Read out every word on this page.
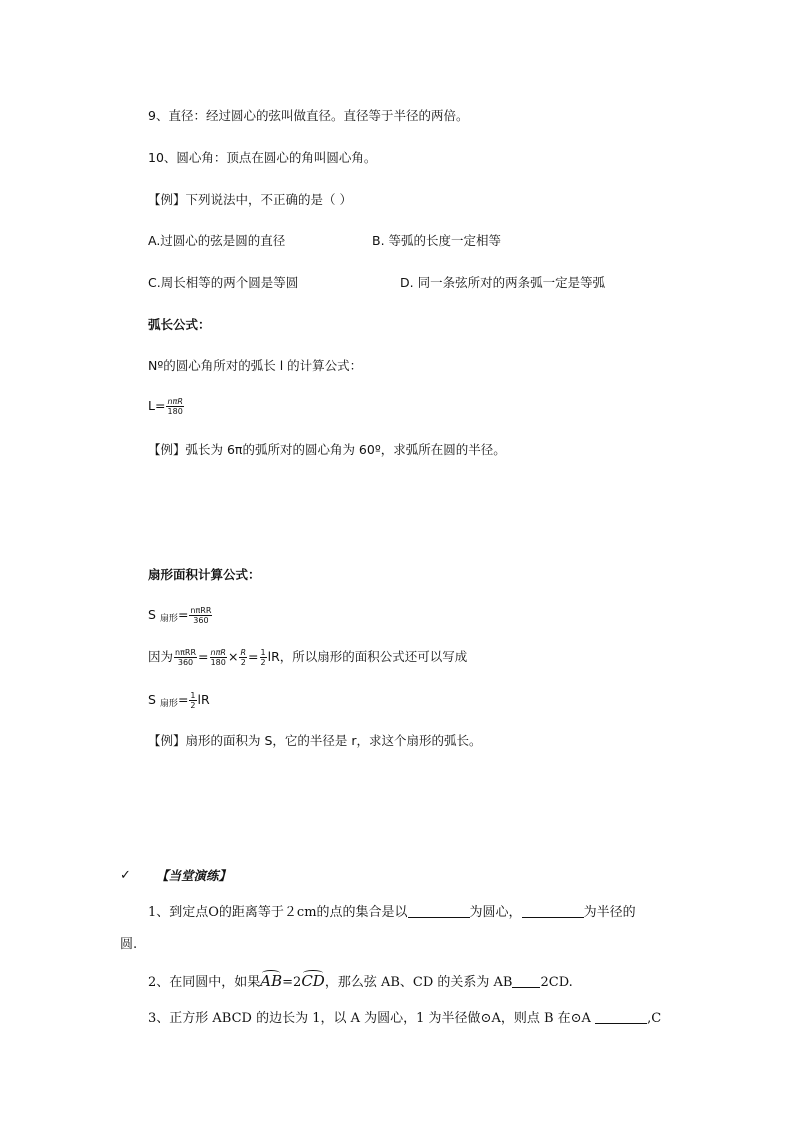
9、直径：经过圆心的弦叫做直径。直径等于半径的两倍。
10、圆心角：顶点在圆心的角叫圆心角。
【例】下列说法中，不正确的是（ ）
A.过圆心的弦是圆的直径	B. 等弧的长度一定相等
C.周长相等的两个圆是等圆	D. 同一条弦所对的两条弧一定是等弧
弧长公式：
Nº的圆心角所对的弧长 l 的计算公式：
$L= \frac{\text{nπR}}{180}$
【例】弧长为 6π的弧所对的圆心角为 60º，求弧所在圆的半径。
扇形面积计算公式：
S $_{扇形}= \frac{\text{nπRR}}{360}$
因为 $\frac{\text{nπRR}}{360} = \frac{\text{nπR}}{180} \times \frac{R}{2} = \frac{1}{2}$ lR，所以扇形的面积公式还可以写成
S $_{扇形}= \frac{1}{2}$ lR
【例】扇形的面积为 S，它的半径是 r，求这个扇形的弧长。
✓ 【当堂演练】
1、到定点O的距离等于２cm的点的集合是以	为圆心，	为半径的
圆.
2、在同圆中，如果AB=2CD，那么弦 AB、CD 的关系为 AB 2CD.
3、正方形 ABCD 的边长为 1，以 A 为圆心，1 为半径做⊙A，则点 B 在⊙A	,C
